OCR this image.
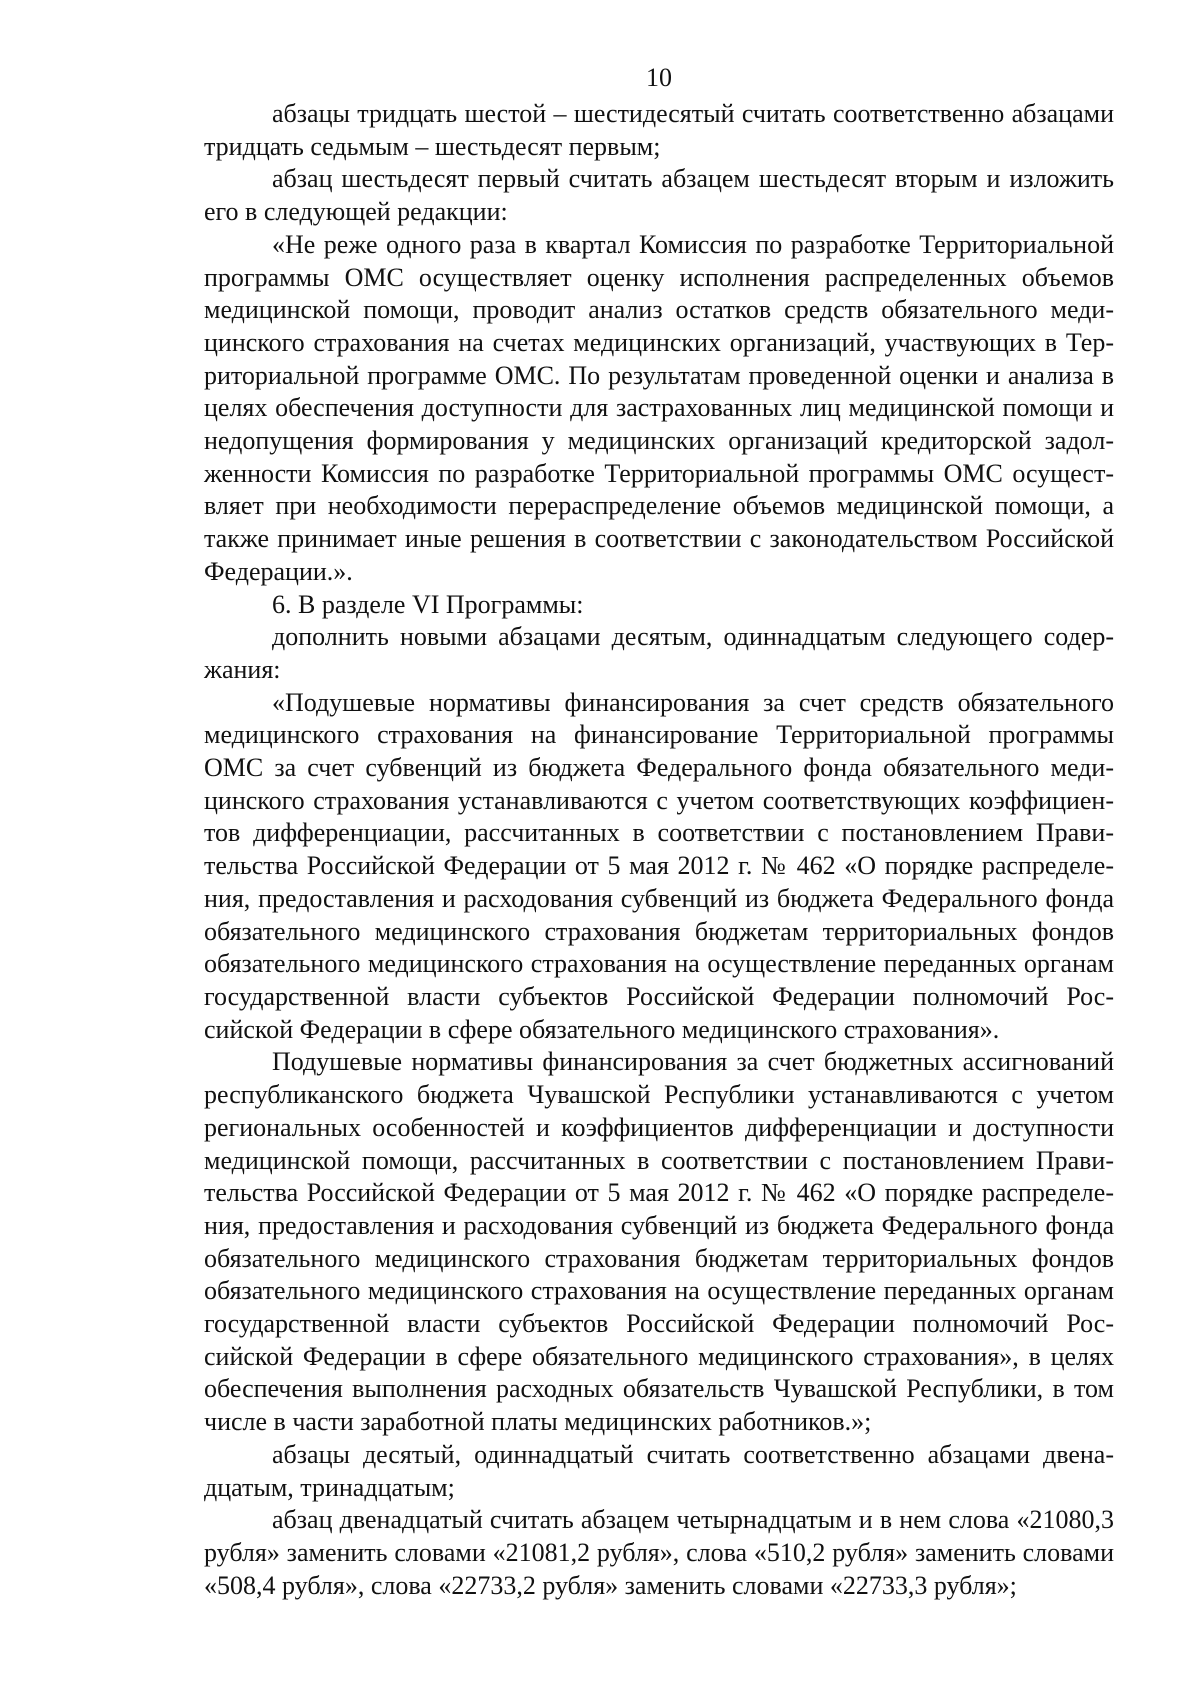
10

абзацы тридцать шестой – шестидесятый считать соответственно абзацами тридцать седьмым – шестьдесят первым;

абзац шестьдесят первый считать абзацем шестьдесят вторым и изложить его в следующей редакции:

«Не реже одного раза в квартал Комиссия по разработке Территориальной программы ОМС осуществляет оценку исполнения распределенных объемов медицинской помощи, проводит анализ остатков средств обязательного медицинского страхования на счетах медицинских организаций, участвующих в Территориальной программе ОМС. По результатам проведенной оценки и анализа в целях обеспечения доступности для застрахованных лиц медицинской помощи и недопущения формирования у медицинских организаций кредиторской задолженности Комиссия по разработке Территориальной программы ОМС осуществляет при необходимости перераспределение объемов медицинской помощи, а также принимает иные решения в соответствии с законодательством Российской Федерации.».

6. В разделе VI Программы:

дополнить новыми абзацами десятым, одиннадцатым следующего содержания:

«Подушевые нормативы финансирования за счет средств обязательного медицинского страхования на финансирование Территориальной программы ОМС за счет субвенций из бюджета Федерального фонда обязательного медицинского страхования устанавливаются с учетом соответствующих коэффициентов дифференциации, рассчитанных в соответствии с постановлением Правительства Российской Федерации от 5 мая 2012 г. № 462 «О порядке распределения, предоставления и расходования субвенций из бюджета Федерального фонда обязательного медицинского страхования бюджетам территориальных фондов обязательного медицинского страхования на осуществление переданных органам государственной власти субъектов Российской Федерации полномочий Российской Федерации в сфере обязательного медицинского страхования».

Подушевые нормативы финансирования за счет бюджетных ассигнований республиканского бюджета Чувашской Республики устанавливаются с учетом региональных особенностей и коэффициентов дифференциации и доступности медицинской помощи, рассчитанных в соответствии с постановлением Правительства Российской Федерации от 5 мая 2012 г. № 462 «О порядке распределения, предоставления и расходования субвенций из бюджета Федерального фонда обязательного медицинского страхования бюджетам территориальных фондов обязательного медицинского страхования на осуществление переданных органам государственной власти субъектов Российской Федерации полномочий Российской Федерации в сфере обязательного медицинского страхования», в целях обеспечения выполнения расходных обязательств Чувашской Республики, в том числе в части заработной платы медицинских работников.»;

абзацы десятый, одиннадцатый считать соответственно абзацами двенадцатым, тринадцатым;

абзац двенадцатый считать абзацем четырнадцатым и в нем слова «21080,3 рубля» заменить словами «21081,2 рубля», слова «510,2 рубля» заменить словами «508,4 рубля», слова «22733,2 рубля» заменить словами «22733,3 рубля»;
